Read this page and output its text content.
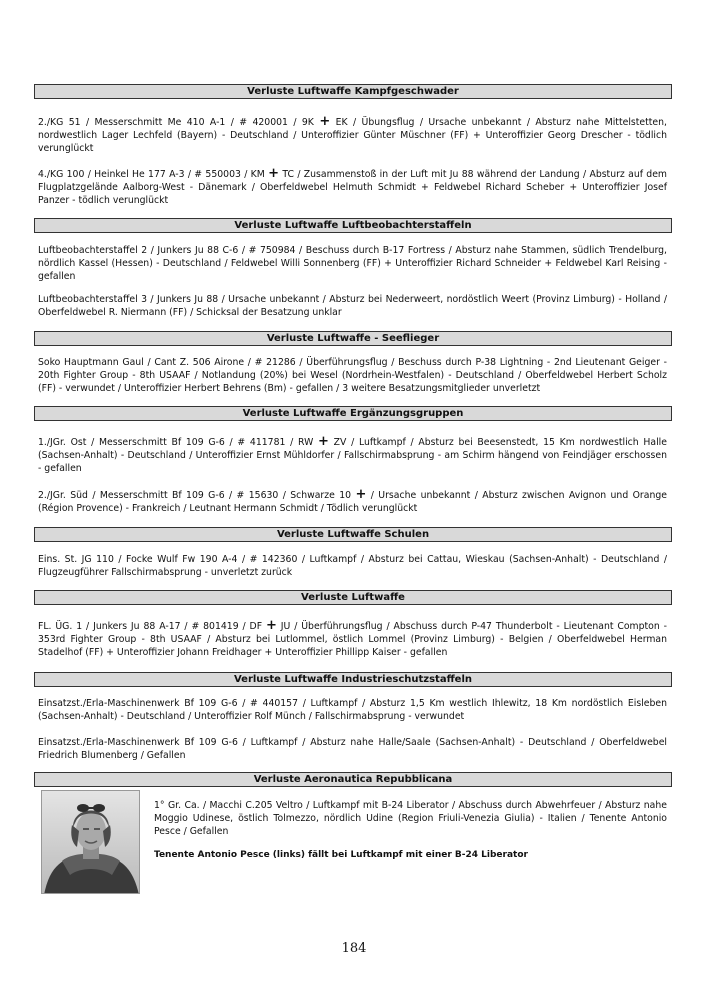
Verluste Luftwaffe Kampfgeschwader
2./KG 51 / Messerschmitt Me 410 A-1 / # 420001 / 9K + EK / Übungsflug / Ursache unbekannt / Absturz nahe Mittelstetten, nordwestlich Lager Lechfeld (Bayern) - Deutschland / Unteroffizier Günter Müschner (FF) + Unteroffizier Georg Drescher - tödlich verunglückt
4./KG 100 / Heinkel He 177 A-3 / # 550003 / KM + TC / Zusammenstoß in der Luft mit Ju 88 während der Landung / Absturz auf dem Flugplatzgelände Aalborg-West - Dänemark / Oberfeldwebel Helmuth Schmidt + Feldwebel Richard Scheber + Unteroffizier Josef Panzer - tödlich verunglückt
Verluste Luftwaffe Luftbeobachterstaffeln
Luftbeobachterstaffel 2 / Junkers Ju 88 C-6 / # 750984 / Beschuss durch B-17 Fortress / Absturz nahe Stammen, südlich Trendelburg, nördlich Kassel (Hessen) - Deutschland / Feldwebel Willi Sonnenberg (FF) + Unteroffizier Richard Schneider + Feldwebel Karl Reising - gefallen
Luftbeobachterstaffel 3 / Junkers Ju 88 / Ursache unbekannt / Absturz bei Nederweert, nordöstlich Weert (Provinz Limburg) - Holland / Oberfeldwebel R. Niermann (FF) / Schicksal der Besatzung unklar
Verluste Luftwaffe - Seeflieger
Soko Hauptmann Gaul / Cant Z. 506 Airone / # 21286 / Überführungsflug / Beschuss durch P-38 Lightning - 2nd Lieutenant Geiger - 20th Fighter Group - 8th USAAF / Notlandung (20%) bei Wesel (Nordrhein-Westfalen) - Deutschland / Oberfeldwebel Herbert Scholz (FF) - verwundet / Unteroffizier Herbert Behrens (Bm) - gefallen / 3 weitere Besatzungsmitglieder unverletzt
Verluste Luftwaffe Ergänzungsgruppen
1./JGr. Ost / Messerschmitt Bf 109 G-6 / # 411781 / RW + ZV / Luftkampf / Absturz bei Beesenstedt, 15 Km nordwestlich Halle (Sachsen-Anhalt) - Deutschland / Unteroffizier Ernst Mühldorfer / Fallschirmabsprung - am Schirm hängend von Feindjäger erschossen - gefallen
2./JGr. Süd / Messerschmitt Bf 109 G-6 / # 15630 / Schwarze 10 + / Ursache unbekannt / Absturz zwischen Avignon und Orange (Région Provence) - Frankreich / Leutnant Hermann Schmidt / Tödlich verunglückt
Verluste Luftwaffe Schulen
Eins. St. JG 110 / Focke Wulf Fw 190 A-4 / # 142360 / Luftkampf / Absturz bei Cattau, Wieskau (Sachsen-Anhalt) - Deutschland / Flugzeugführer Fallschirmabsprung - unverletzt zurück
Verluste Luftwaffe
FL. ÜG. 1 / Junkers Ju 88 A-17 / # 801419 / DF + JU / Überführungsflug / Abschuss durch P-47 Thunderbolt - Lieutenant Compton - 353rd Fighter Group - 8th USAAF / Absturz bei Lutlommel, östlich Lommel (Provinz Limburg) - Belgien / Oberfeldwebel Herman Stadelhof (FF) + Unteroffizier Johann Freidhager + Unteroffizier Phillipp Kaiser - gefallen
Verluste Luftwaffe Industrieschutzstaffeln
Einsatzst./Erla-Maschinenwerk Bf 109 G-6 / # 440157 / Luftkampf / Absturz 1,5 Km westlich Ihlewitz, 18 Km nordöstlich Eisleben (Sachsen-Anhalt) - Deutschland / Unteroffizier Rolf Münch / Fallschirmabsprung - verwundet
Einsatzst./Erla-Maschinenwerk Bf 109 G-6 / Luftkampf / Absturz nahe Halle/Saale (Sachsen-Anhalt) - Deutschland / Oberfeldwebel Friedrich Blumenberg / Gefallen
Verluste Aeronautica Repubblicana
1° Gr. Ca. / Macchi C.205 Veltro / Luftkampf mit B-24 Liberator / Abschuss durch Abwehrfeuer / Absturz nahe Moggio Udinese, östlich Tolmezzo, nördlich Udine (Region Friuli-Venezia Giulia) - Italien / Tenente Antonio Pesce / Gefallen
Tenente Antonio Pesce (links) fällt bei Luftkampf mit einer B-24 Liberator
184
